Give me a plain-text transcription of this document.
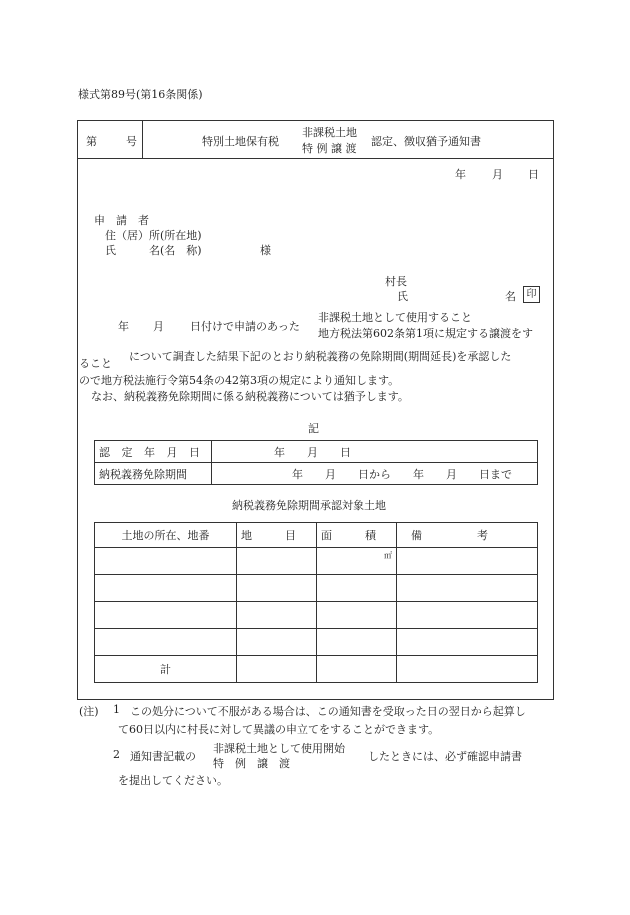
様式第89号(第16条関係)
第	号	特別土地保有税
非課税土地
特 例 譲 渡
認定、徴収猶予通知書
年 月 日
申　請　者
住（居）所(所在地)
氏　　　名(名　称)	様
村長
氏	名	印
年 月 日付けで申請のあった
非課税土地として使用すること
地方税法第602条第1項に規定する譲渡をす
ること
について調査した結果下記のとおり納税義務の免除期間(期間延長)を承認した
ので地方税法施行令第54条の42第3項の規定により通知します。
なお、納税義務免除期間に係る納税義務については猶予します。
記
認 定 年 月 日	年　　月　　日
納税義務免除期間	年　　月　　日から　　年　　月　　日まで
納税義務免除期間承認対象土地
土地の所在、地番	地　　　目	面　　　積	備　　　　　考
		㎡	

計			
(注) 1 この処分について不服がある場合は、この通知書を受取った日の翌日から起算し
て60日以内に村長に対して異議の申立てをすることができます。
2 通知書記載の
非課税土地として使用開始
特　例　譲　渡
したときには、必ず確認申請書
を提出してください。
